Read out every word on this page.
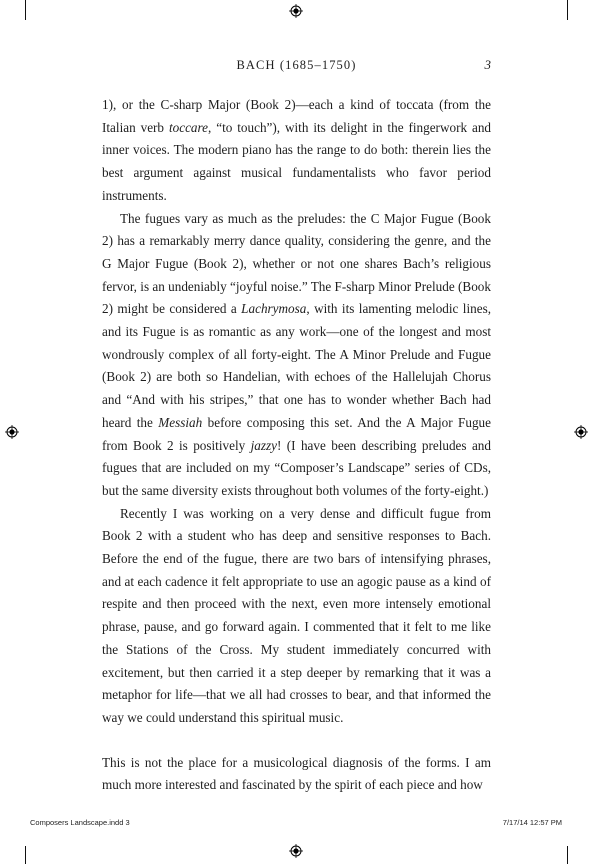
BACH (1685–1750)	3

1), or the C-sharp Major (Book 2)—each a kind of toccata (from the Italian verb toccare, “to touch”), with its delight in the fingerwork and inner voices. The modern piano has the range to do both: therein lies the best argument against musical fundamentalists who favor period instruments.

The fugues vary as much as the preludes: the C Major Fugue (Book 2) has a remarkably merry dance quality, considering the genre, and the G Major Fugue (Book 2), whether or not one shares Bach’s religious fervor, is an undeniably “joyful noise.” The F-sharp Minor Prelude (Book 2) might be considered a Lachrymosa, with its lamenting melodic lines, and its Fugue is as romantic as any work—one of the longest and most wondrously complex of all forty-eight. The A Minor Prelude and Fugue (Book 2) are both so Handelian, with echoes of the Hallelujah Chorus and “And with his stripes,” that one has to wonder whether Bach had heard the Messiah before composing this set. And the A Major Fugue from Book 2 is positively jazzy! (I have been describing preludes and fugues that are included on my “Composer’s Landscape” series of CDs, but the same diversity exists throughout both volumes of the forty-eight.)

Recently I was working on a very dense and difficult fugue from Book 2 with a student who has deep and sensitive responses to Bach. Before the end of the fugue, there are two bars of intensifying phrases, and at each cadence it felt appropriate to use an agogic pause as a kind of respite and then proceed with the next, even more intensely emotional phrase, pause, and go forward again. I commented that it felt to me like the Stations of the Cross. My student immediately concurred with excitement, but then carried it a step deeper by remarking that it was a metaphor for life—that we all had crosses to bear, and that informed the way we could understand this spiritual music.

This is not the place for a musicological diagnosis of the forms. I am much more interested and fascinated by the spirit of each piece and how

Composers Landscape.indd 3	7/17/14 12:57 PM
